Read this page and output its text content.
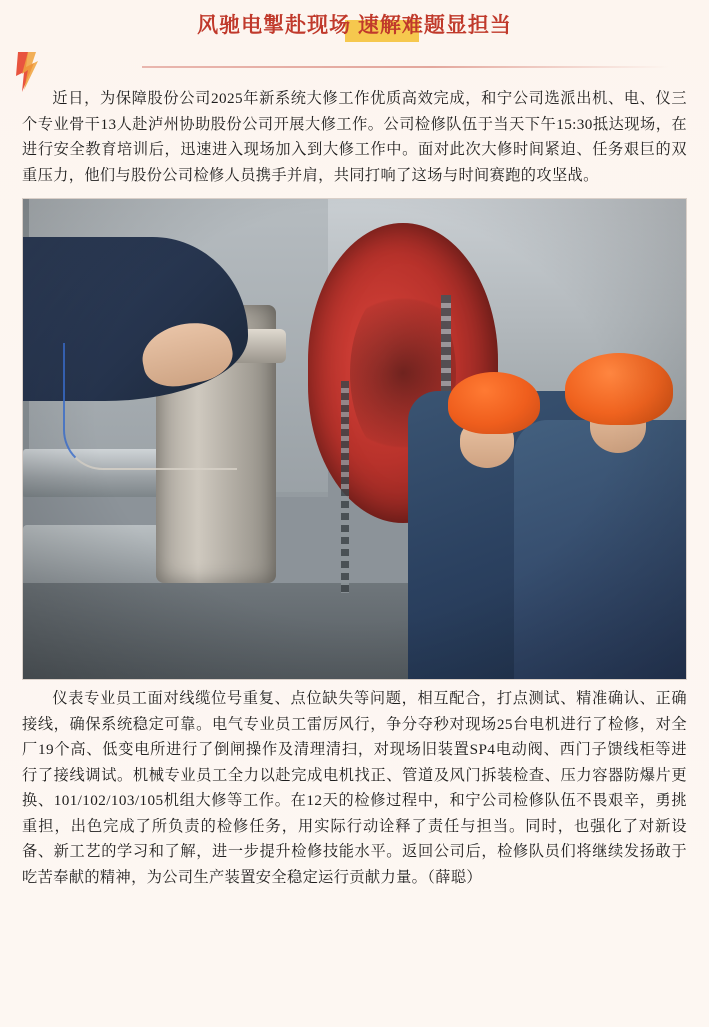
风驰电掣赴现场 速解难题显担当

近日，为保障股份公司2025年新系统大修工作优质高效完成，和宁公司选派出机、电、仪三个专业骨干13人赴泸州协助股份公司开展大修工作。公司检修队伍于当天下午15:30抵达现场，在进行安全教育培训后，迅速进入现场加入到大修工作中。面对此次大修时间紧迫、任务艰巨的双重压力，他们与股份公司检修人员携手并肩，共同打响了这场与时间赛跑的攻坚战。

仪表专业员工面对线缆位号重复、点位缺失等问题，相互配合，打点测试、精准确认、正确接线，确保系统稳定可靠。电气专业员工雷厉风行，争分夺秒对现场25台电机进行了检修，对全厂19个高、低变电所进行了倒闸操作及清理清扫，对现场旧装置SP4电动阀、西门子馈线柜等进行了接线调试。机械专业员工全力以赴完成电机找正、管道及风门拆装检查、压力容器防爆片更换、101/102/103/105机组大修等工作。在12天的检修过程中，和宁公司检修队伍不畏艰辛，勇挑重担，出色完成了所负责的检修任务，用实际行动诠释了责任与担当。同时，也强化了对新设备、新工艺的学习和了解，进一步提升检修技能水平。返回公司后，检修队员们将继续发扬敢于吃苦奉献的精神，为公司生产装置安全稳定运行贡献力量。（薛聪）
